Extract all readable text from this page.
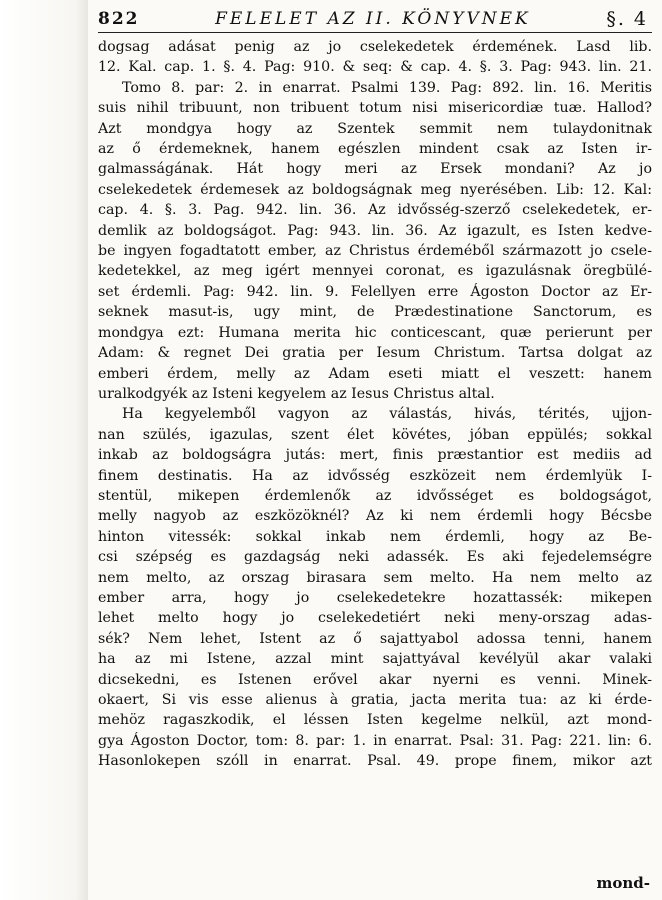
822	FELELET AZ II. KÖNYVNEK	§. 4
dogsag adásat penig az jo cselekedetek érdemének. Lasd lib.
12. Kal. cap. 1. §. 4. Pag: 910. & seq: & cap. 4. §. 3. Pag: 943. lin. 21.
Tomo 8. par: 2. in enarrat. Psalmi 139. Pag: 892. lin. 16. Meritis
suis nihil tribuunt, non tribuent totum nisi misericordiæ tuæ. Hallod?
Azt mondgya hogy az Szentek semmit nem tulaydonitnak
az ő érdemeknek, hanem egészlen mindent csak az Isten ir-
galmasságának. Hát hogy meri az Ersek mondani? Az jo
cselekedetek érdemesek az boldogságnak meg nyerésében. Lib: 12. Kal:
cap. 4. §. 3. Pag. 942. lin. 36. Az idvősség-szerző cselekedetek, er-
demlik az boldogságot. Pag: 943. lin. 36. Az igazult, es Isten kedve-
be ingyen fogadtatott ember, az Christus érdeméből származott jo csele-
kedetekkel, az meg igért mennyei coronat, es igazulásnak öregbülé-
set érdemli. Pag: 942. lin. 9. Felellyen erre Ágoston Doctor az Er-
seknek masut-is, ugy mint, de Prædestinatione Sanctorum, es
mondgya ezt: Humana merita hic conticescant, quæ perierunt per
Adam: & regnet Dei gratia per Iesum Christum. Tartsa dolgat az
emberi érdem, melly az Adam eseti miatt el veszett: hanem
uralkodgyék az Isteni kegyelem az Iesus Christus altal.
Ha kegyelemből vagyon az válastás, hivás, térités, ujjon-
nan szülés, igazulas, szent élet kövétes, jóban eppülés; sokkal
inkab az boldogságra jutás: mert, finis præstantior est mediis ad
finem destinatis. Ha az idvősség eszközeit nem érdemlyük I-
stentül, mikepen érdemlenők az idvősséget es boldogságot,
melly nagyob az eszközöknél? Az ki nem érdemli hogy Bécsbe
hinton vitessék: sokkal inkab nem érdemli, hogy az Be-
csi szépség es gazdagság neki adassék. Es aki fejedelemségre
nem melto, az orszag birasara sem melto. Ha nem melto az
ember arra, hogy jo cselekedetekre hozattassék: mikepen
lehet melto hogy jo cselekedetiért neki meny-orszag adas-
sék? Nem lehet, Istent az ő sajattyabol adossa tenni, hanem
ha az mi Istene, azzal mint sajattyával kevélyül akar valaki
dicsekedni, es Istenen erővel akar nyerni es venni. Minek-
okaert, Si vis esse alienus à gratia, jacta merita tua: az ki érde-
mehöz ragaszkodik, el léssen Isten kegelme nelkül, azt mond-
gya Ágoston Doctor, tom: 8. par: 1. in enarrat. Psal: 31. Pag: 221. lin: 6.
Hasonlokepen szóll in enarrat. Psal. 49. prope finem, mikor azt
mond-
